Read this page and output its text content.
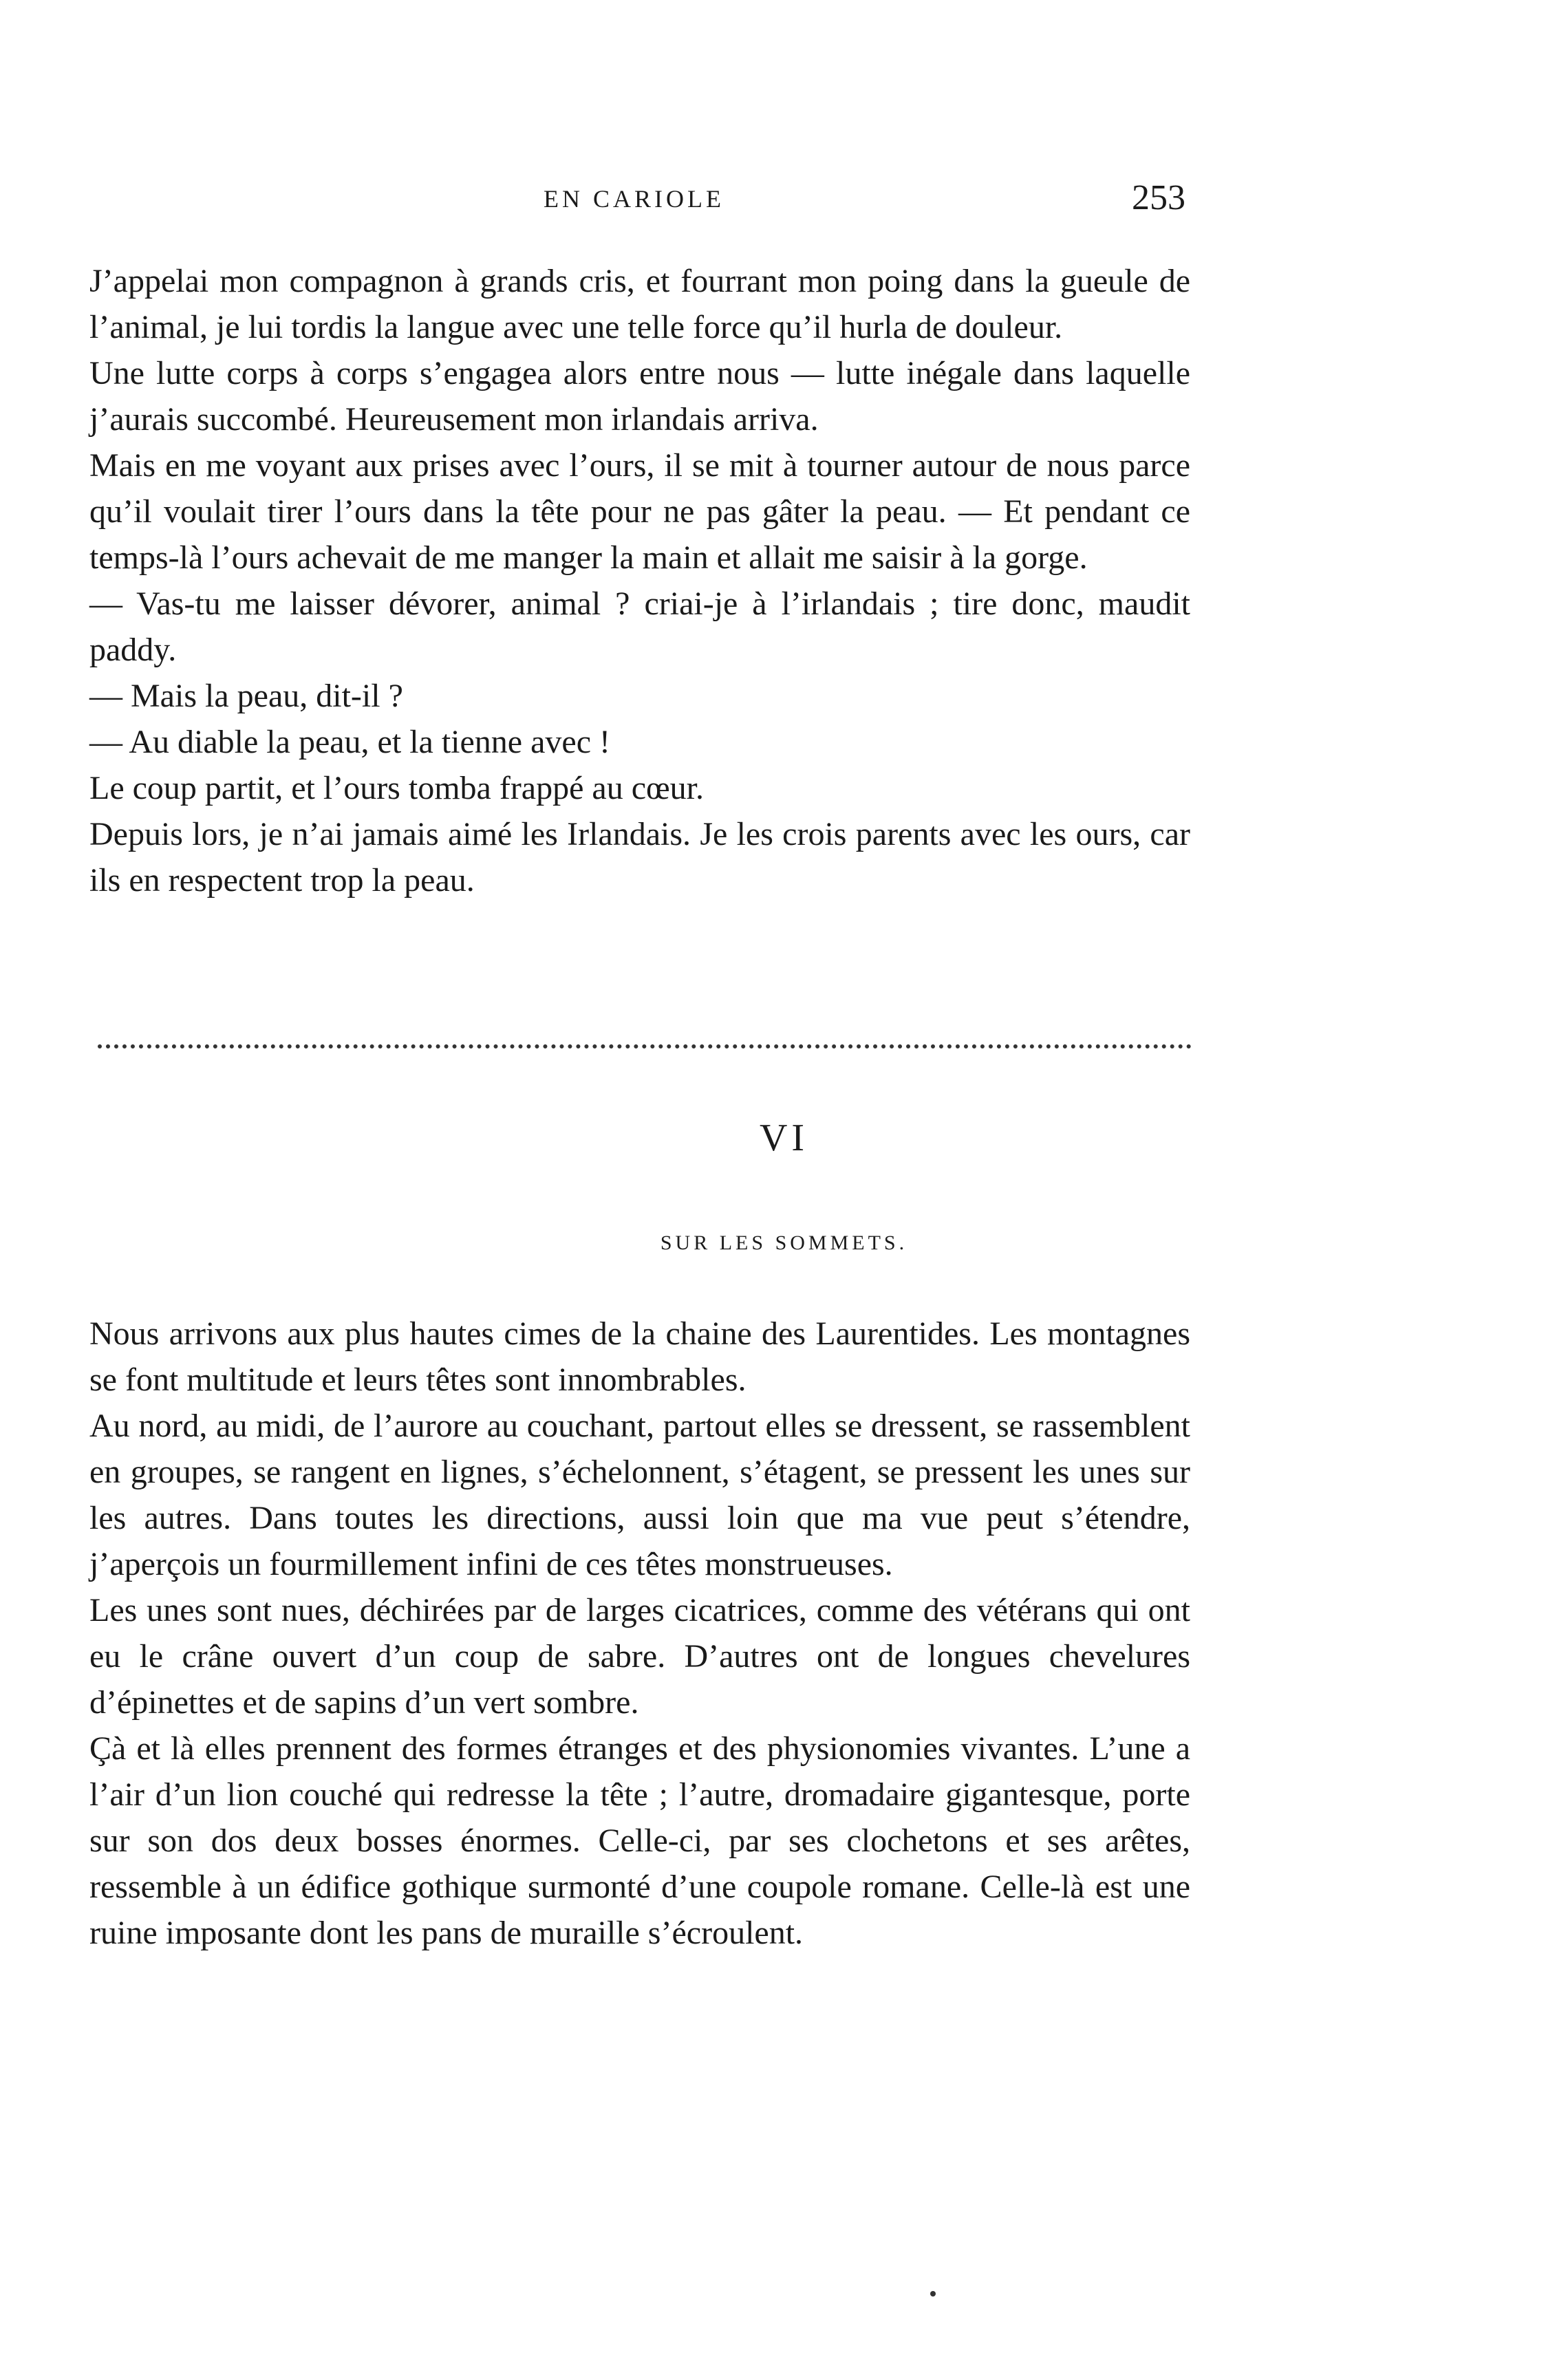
EN CARIOLE	253

J’appelai mon compagnon à grands cris, et fourrant mon poing dans la gueule de l’animal, je lui tordis la langue avec une telle force qu’il hurla de douleur.

Une lutte corps à corps s’engagea alors entre nous — lutte inégale dans laquelle j’aurais succombé. Heureusement mon irlandais arriva.

Mais en me voyant aux prises avec l’ours, il se mit à tourner autour de nous parce qu’il voulait tirer l’ours dans la tête pour ne pas gâter la peau. — Et pendant ce temps-là l’ours achevait de me manger la main et allait me saisir à la gorge.

— Vas-tu me laisser dévorer, animal ? criai-je à l’irlandais ; tire donc, maudit paddy.

— Mais la peau, dit-il ?

— Au diable la peau, et la tienne avec !

Le coup partit, et l’ours tomba frappé au cœur.

Depuis lors, je n’ai jamais aimé les Irlandais. Je les crois parents avec les ours, car ils en respectent trop la peau.

VI
SUR LES SOMMETS.

Nous arrivons aux plus hautes cimes de la chaine des Laurentides. Les montagnes se font multitude et leurs têtes sont innombrables.

Au nord, au midi, de l’aurore au couchant, partout elles se dressent, se rassemblent en groupes, se rangent en lignes, s’échelonnent, s’étagent, se pressent les unes sur les autres. Dans toutes les directions, aussi loin que ma vue peut s’étendre, j’aperçois un fourmillement infini de ces têtes monstrueuses.

Les unes sont nues, déchirées par de larges cicatrices, comme des vétérans qui ont eu le crâne ouvert d’un coup de sabre. D’autres ont de longues chevelures d’épinettes et de sapins d’un vert sombre.

Çà et là elles prennent des formes étranges et des physionomies vivantes. L’une a l’air d’un lion couché qui redresse la tête ; l’autre, dromadaire gigantesque, porte sur son dos deux bosses énormes. Celle-ci, par ses clochetons et ses arêtes, ressemble à un édifice gothique surmonté d’une coupole romane. Celle-là est une ruine imposante dont les pans de muraille s’écroulent.
